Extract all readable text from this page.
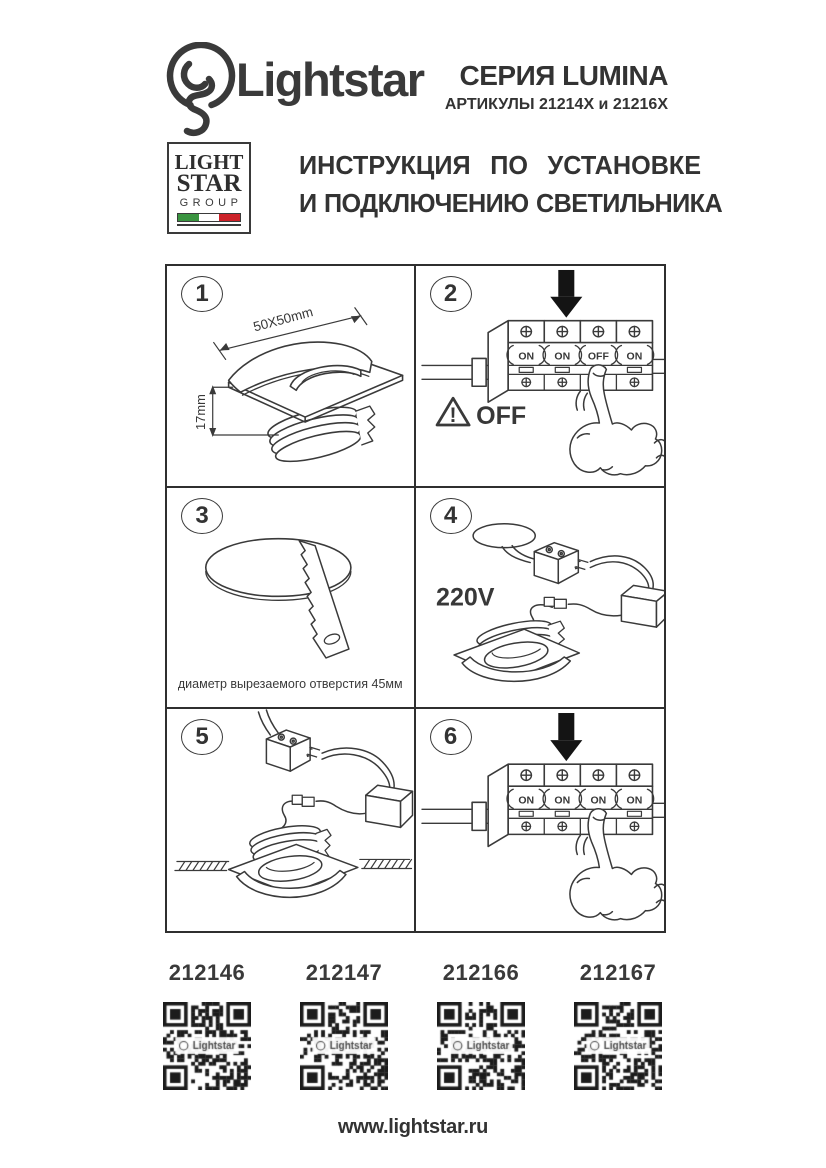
Lightstar СЕРИЯ LUMINA
АРТИКУЛЫ 21214X и 21216X
LIGHT
STAR
GROUP
ИНСТРУКЦИЯ ПО УСТАНОВКЕ
И ПОДКЛЮЧЕНИЮ СВЕТИЛЬНИКА
1
50X50mm
17mm
2
ON ON OFF ON
! OFF
3
диаметр вырезаемого отверстия 45мм
4
220V
5	6
ON ON ON ON
212146	212147	212166	212167
www.lightstar.ru
